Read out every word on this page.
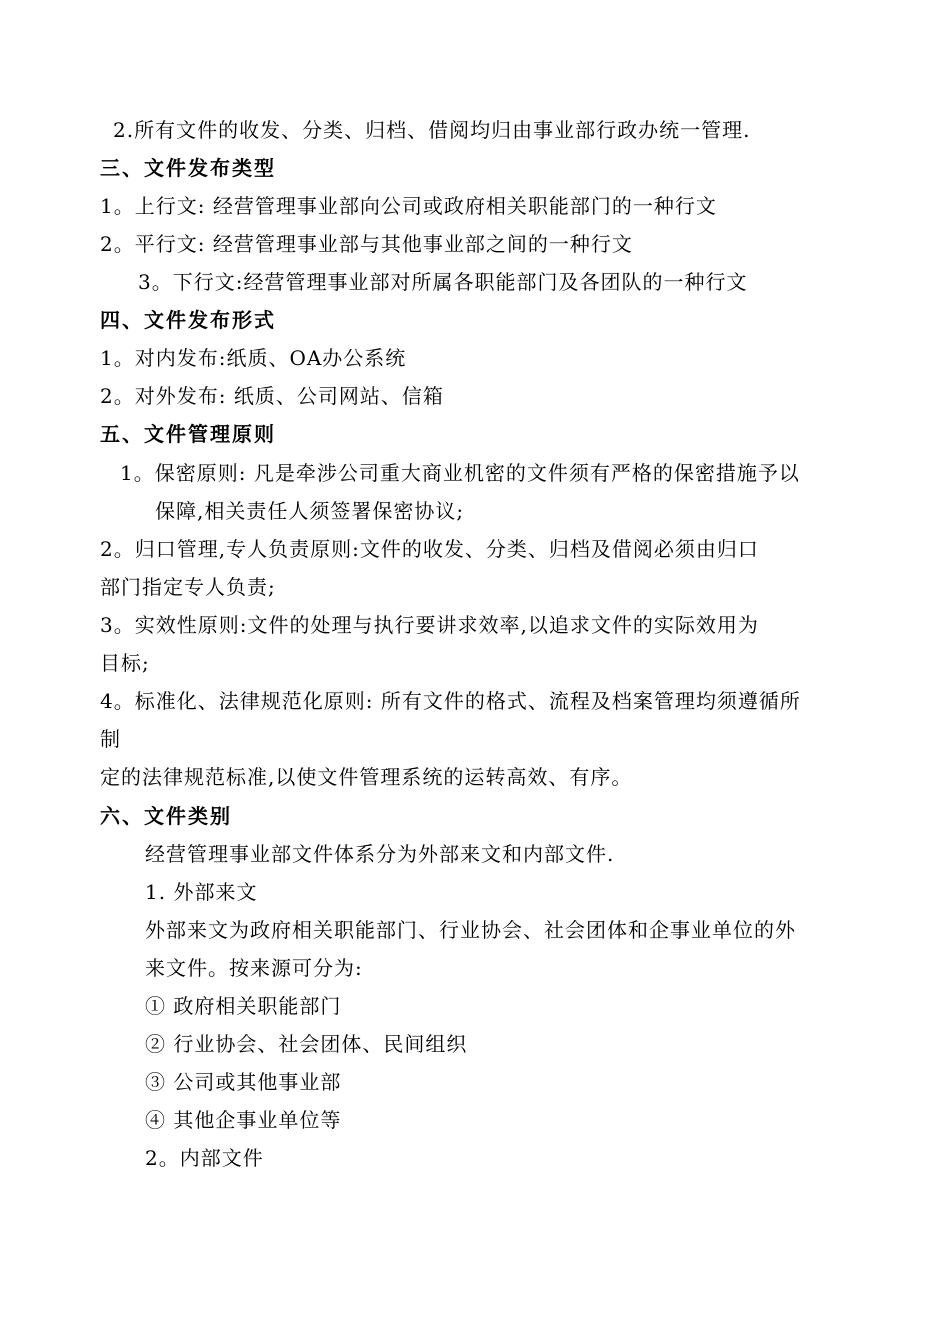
2.所有文件的收发、分类、归档、借阅均归由事业部行政办统一管理.
三、文件发布类型
1。上行文: 经营管理事业部向公司或政府相关职能部门的一种行文
2。平行文: 经营管理事业部与其他事业部之间的一种行文
3。下行文:经营管理事业部对所属各职能部门及各团队的一种行文
四、文件发布形式
1。对内发布:纸质、OA办公系统
2。对外发布: 纸质、公司网站、信箱
五、文件管理原则
1。保密原则: 凡是牵涉公司重大商业机密的文件须有严格的保密措施予以
保障,相关责任人须签署保密协议;
2。归口管理,专人负责原则:文件的收发、分类、归档及借阅必须由归口
部门指定专人负责;
3。实效性原则:文件的处理与执行要讲求效率,以追求文件的实际效用为
目标;
4。标准化、法律规范化原则: 所有文件的格式、流程及档案管理均须遵循所
制
定的法律规范标准,以使文件管理系统的运转高效、有序。
六、文件类别
经营管理事业部文件体系分为外部来文和内部文件.
1. 外部来文
外部来文为政府相关职能部门、行业协会、社会团体和企事业单位的外
来文件。按来源可分为:
① 政府相关职能部门
② 行业协会、社会团体、民间组织
③ 公司或其他事业部
④ 其他企事业单位等
2。内部文件
